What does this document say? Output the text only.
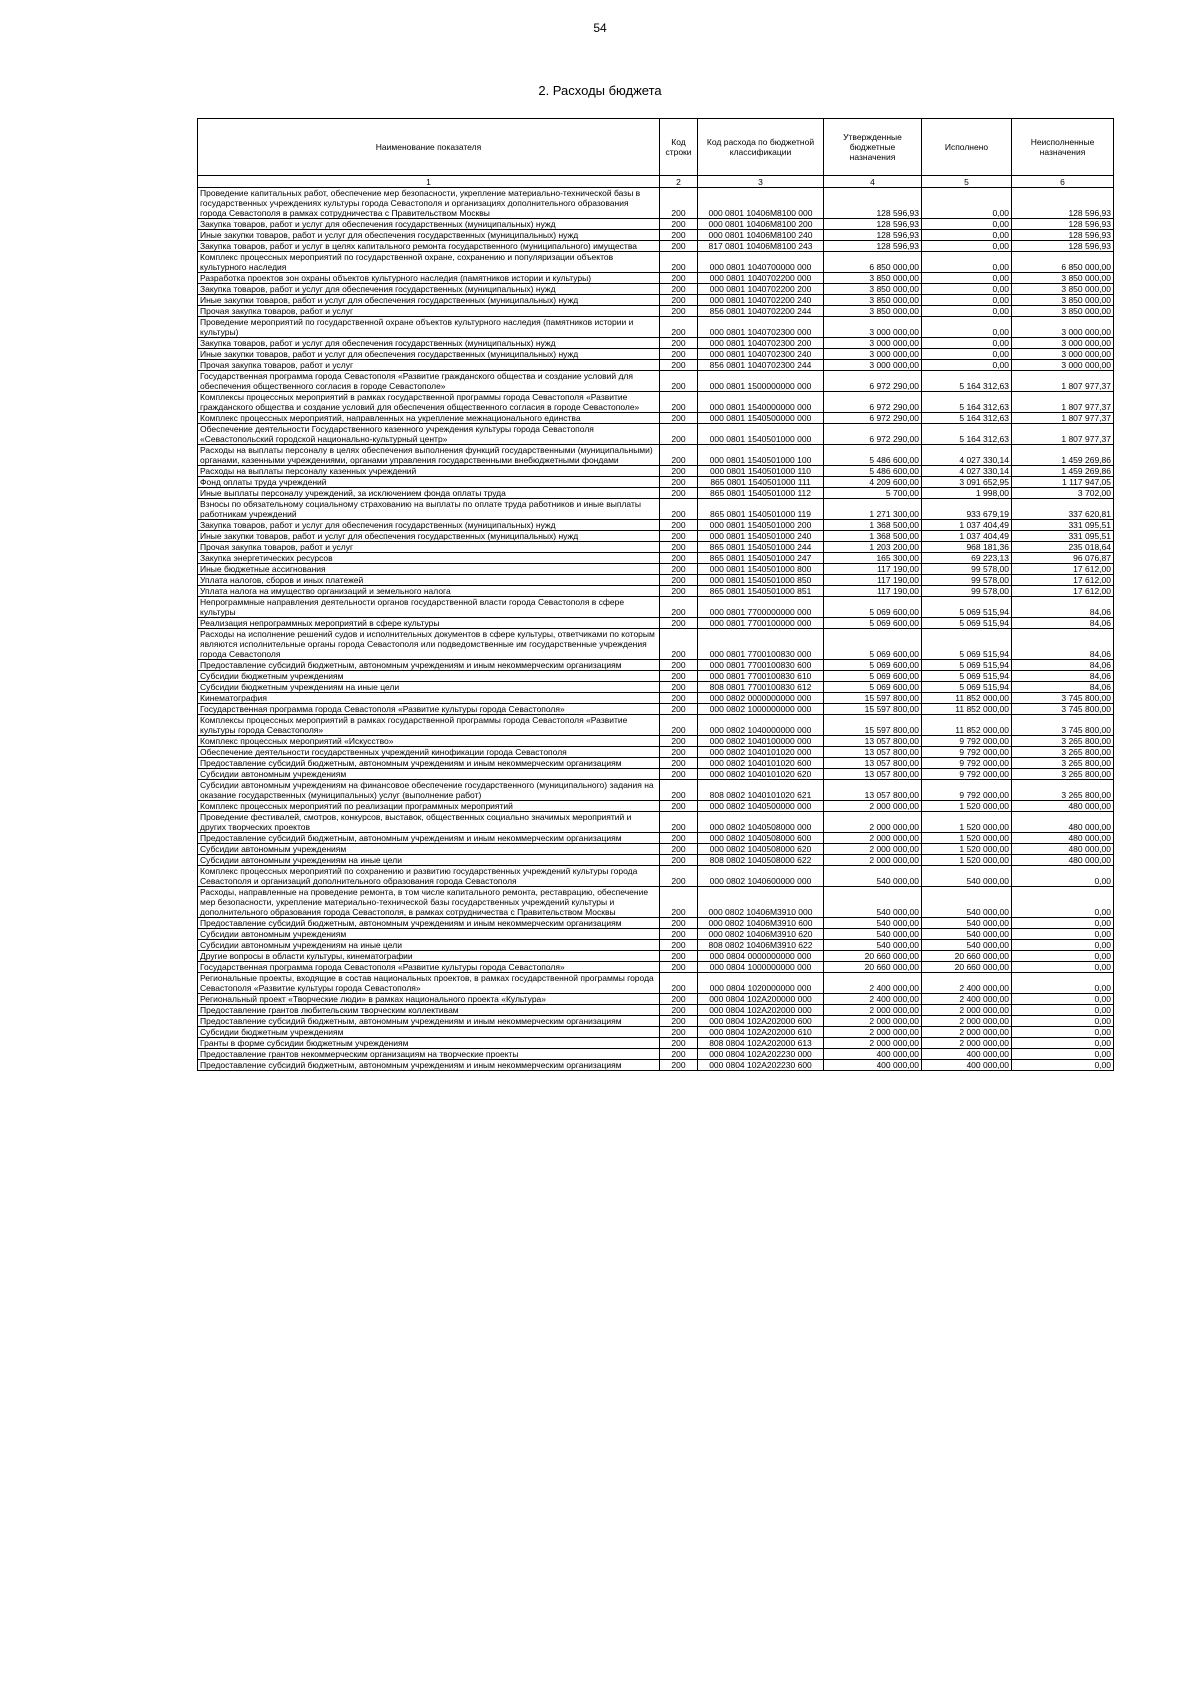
54
2. Расходы бюджета
Наименование показателя	Код строки	Код расхода по бюджетной классификации	Утвержденные бюджетные назначения	Исполнено	Неисполненные назначения
1	2	3	4	5	6
Проведение капитальных работ, обеспечение мер безопасности, укрепление материально-технической базы в государственных учреждениях культуры города Севастополя и организациях дополнительного образования города Севастополя в рамках сотрудничества с Правительством Москвы	200	000 0801 10406М8100 000	128 596,93	0,00	128 596,93
Закупка товаров, работ и услуг для обеспечения государственных (муниципальных) нужд	200	000 0801 10406М8100 200	128 596,93	0,00	128 596,93
Иные закупки товаров, работ и услуг для обеспечения государственных (муниципальных) нужд	200	000 0801 10406М8100 240	128 596,93	0,00	128 596,93
Закупка товаров, работ и услуг в целях капитального ремонта государственного (муниципального) имущества	200	817 0801 10406М8100 243	128 596,93	0,00	128 596,93
Комплекс процессных мероприятий по государственной охране, сохранению и популяризации объектов культурного наследия	200	000 0801 1040700000 000	6 850 000,00	0,00	6 850 000,00
Разработка проектов зон охраны объектов культурного наследия (памятников истории и культуры)	200	000 0801 1040702200 000	3 850 000,00	0,00	3 850 000,00
Закупка товаров, работ и услуг для обеспечения государственных (муниципальных) нужд	200	000 0801 1040702200 200	3 850 000,00	0,00	3 850 000,00
Иные закупки товаров, работ и услуг для обеспечения государственных (муниципальных) нужд	200	000 0801 1040702200 240	3 850 000,00	0,00	3 850 000,00
Прочая закупка товаров, работ и услуг	200	856 0801 1040702200 244	3 850 000,00	0,00	3 850 000,00
Проведение мероприятий по государственной охране объектов культурного наследия (памятников истории и культуры)	200	000 0801 1040702300 000	3 000 000,00	0,00	3 000 000,00
Закупка товаров, работ и услуг для обеспечения государственных (муниципальных) нужд	200	000 0801 1040702300 200	3 000 000,00	0,00	3 000 000,00
Иные закупки товаров, работ и услуг для обеспечения государственных (муниципальных) нужд	200	000 0801 1040702300 240	3 000 000,00	0,00	3 000 000,00
Прочая закупка товаров, работ и услуг	200	856 0801 1040702300 244	3 000 000,00	0,00	3 000 000,00
Государственная программа города Севастополя «Развитие гражданского общества и создание условий для обеспечения общественного согласия в городе Севастополе»	200	000 0801 1500000000 000	6 972 290,00	5 164 312,63	1 807 977,37
Комплексы процессных мероприятий в рамках государственной программы города Севастополя «Развитие гражданского общества и создание условий для обеспечения общественного согласия в городе Севастополе»	200	000 0801 1540000000 000	6 972 290,00	5 164 312,63	1 807 977,37
Комплекс процессных мероприятий, направленных на укрепление межнационального единства	200	000 0801 1540500000 000	6 972 290,00	5 164 312,63	1 807 977,37
Обеспечение деятельности Государственного казенного учреждения культуры города Севастополя «Севастопольский городской национально-культурный центр»	200	000 0801 1540501000 000	6 972 290,00	5 164 312,63	1 807 977,37
Расходы на выплаты персоналу в целях обеспечения выполнения функций государственными (муниципальными) органами, казенными учреждениями, органами управления государственными внебюджетными фондами	200	000 0801 1540501000 100	5 486 600,00	4 027 330,14	1 459 269,86
Расходы на выплаты персоналу казенных учреждений	200	000 0801 1540501000 110	5 486 600,00	4 027 330,14	1 459 269,86
Фонд оплаты труда учреждений	200	865 0801 1540501000 111	4 209 600,00	3 091 652,95	1 117 947,05
Иные выплаты персоналу учреждений, за исключением фонда оплаты труда	200	865 0801 1540501000 112	5 700,00	1 998,00	3 702,00
Взносы по обязательному социальному страхованию на выплаты по оплате труда работников и иные выплаты работникам учреждений	200	865 0801 1540501000 119	1 271 300,00	933 679,19	337 620,81
Закупка товаров, работ и услуг для обеспечения государственных (муниципальных) нужд	200	000 0801 1540501000 200	1 368 500,00	1 037 404,49	331 095,51
Иные закупки товаров, работ и услуг для обеспечения государственных (муниципальных) нужд	200	000 0801 1540501000 240	1 368 500,00	1 037 404,49	331 095,51
Прочая закупка товаров, работ и услуг	200	865 0801 1540501000 244	1 203 200,00	968 181,36	235 018,64
Закупка энергетических ресурсов	200	865 0801 1540501000 247	165 300,00	69 223,13	96 076,87
Иные бюджетные ассигнования	200	000 0801 1540501000 800	117 190,00	99 578,00	17 612,00
Уплата налогов, сборов и иных платежей	200	000 0801 1540501000 850	117 190,00	99 578,00	17 612,00
Уплата налога на имущество организаций и земельного налога	200	865 0801 1540501000 851	117 190,00	99 578,00	17 612,00
Непрограммные направления деятельности органов государственной власти города Севастополя в сфере культуры	200	000 0801 7700000000 000	5 069 600,00	5 069 515,94	84,06
Реализация непрограммных мероприятий в сфере культуры	200	000 0801 7700100000 000	5 069 600,00	5 069 515,94	84,06
Расходы на исполнение решений судов и исполнительных документов в сфере культуры, ответчиками по которым являются исполнительные органы города Севастополя или подведомственные им государственные учреждения города Севастополя	200	000 0801 7700100830 000	5 069 600,00	5 069 515,94	84,06
Предоставление субсидий бюджетным, автономным учреждениям и иным некоммерческим организациям	200	000 0801 7700100830 600	5 069 600,00	5 069 515,94	84,06
Субсидии бюджетным учреждениям	200	000 0801 7700100830 610	5 069 600,00	5 069 515,94	84,06
Субсидии бюджетным учреждениям на иные цели	200	808 0801 7700100830 612	5 069 600,00	5 069 515,94	84,06
Кинематография	200	000 0802 0000000000 000	15 597 800,00	11 852 000,00	3 745 800,00
Государственная программа города Севастополя «Развитие культуры города Севастополя»	200	000 0802 1000000000 000	15 597 800,00	11 852 000,00	3 745 800,00
Комплексы процессных мероприятий в рамках государственной программы города Севастополя «Развитие культуры города Севастополя»	200	000 0802 1040000000 000	15 597 800,00	11 852 000,00	3 745 800,00
Комплекс процессных мероприятий «Искусство»	200	000 0802 1040100000 000	13 057 800,00	9 792 000,00	3 265 800,00
Обеспечение деятельности государственных учреждений кинофикации города Севастополя	200	000 0802 1040101020 000	13 057 800,00	9 792 000,00	3 265 800,00
Предоставление субсидий бюджетным, автономным учреждениям и иным некоммерческим организациям	200	000 0802 1040101020 600	13 057 800,00	9 792 000,00	3 265 800,00
Субсидии автономным учреждениям	200	000 0802 1040101020 620	13 057 800,00	9 792 000,00	3 265 800,00
Субсидии автономным учреждениям на финансовое обеспечение государственного (муниципального) задания на оказание государственных (муниципальных) услуг (выполнение работ)	200	808 0802 1040101020 621	13 057 800,00	9 792 000,00	3 265 800,00
Комплекс процессных мероприятий по реализации программных мероприятий	200	000 0802 1040500000 000	2 000 000,00	1 520 000,00	480 000,00
Проведение фестивалей, смотров, конкурсов, выставок, общественных социально значимых мероприятий и других творческих проектов	200	000 0802 1040508000 000	2 000 000,00	1 520 000,00	480 000,00
Предоставление субсидий бюджетным, автономным учреждениям и иным некоммерческим организациям	200	000 0802 1040508000 600	2 000 000,00	1 520 000,00	480 000,00
Субсидии автономным учреждениям	200	000 0802 1040508000 620	2 000 000,00	1 520 000,00	480 000,00
Субсидии автономным учреждениям на иные цели	200	808 0802 1040508000 622	2 000 000,00	1 520 000,00	480 000,00
Комплекс процессных мероприятий по сохранению и развитию государственных учреждений культуры города Севастополя и организаций дополнительного образования города Севастополя	200	000 0802 1040600000 000	540 000,00	540 000,00	0,00
Расходы, направленные на проведение ремонта, в том числе капитального ремонта, реставрацию, обеспечение мер безопасности, укрепление материально-технической базы государственных учреждений культуры и дополнительного образования города Севастополя, в рамках сотрудничества с Правительством Москвы	200	000 0802 10406М3910 000	540 000,00	540 000,00	0,00
Предоставление субсидий бюджетным, автономным учреждениям и иным некоммерческим организациям	200	000 0802 10406М3910 600	540 000,00	540 000,00	0,00
Субсидии автономным учреждениям	200	000 0802 10406М3910 620	540 000,00	540 000,00	0,00
Субсидии автономным учреждениям на иные цели	200	808 0802 10406М3910 622	540 000,00	540 000,00	0,00
Другие вопросы в области культуры, кинематографии	200	000 0804 0000000000 000	20 660 000,00	20 660 000,00	0,00
Государственная программа города Севастополя «Развитие культуры города Севастополя»	200	000 0804 1000000000 000	20 660 000,00	20 660 000,00	0,00
Региональные проекты, входящие в состав национальных проектов, в рамках государственной программы города Севастополя «Развитие культуры города Севастополя»	200	000 0804 1020000000 000	2 400 000,00	2 400 000,00	0,00
Региональный проект «Творческие люди» в рамках национального проекта «Культура»	200	000 0804 102А200000 000	2 400 000,00	2 400 000,00	0,00
Предоставление грантов любительским творческим коллективам	200	000 0804 102А202000 000	2 000 000,00	2 000 000,00	0,00
Предоставление субсидий бюджетным, автономным учреждениям и иным некоммерческим организациям	200	000 0804 102А202000 600	2 000 000,00	2 000 000,00	0,00
Субсидии бюджетным учреждениям	200	000 0804 102А202000 610	2 000 000,00	2 000 000,00	0,00
Гранты в форме субсидии бюджетным учреждениям	200	808 0804 102А202000 613	2 000 000,00	2 000 000,00	0,00
Предоставление грантов некоммерческим организациям на творческие проекты	200	000 0804 102А202230 000	400 000,00	400 000,00	0,00
Предоставление субсидий бюджетным, автономным учреждениям и иным некоммерческим организациям	200	000 0804 102А202230 600	400 000,00	400 000,00	0,00
